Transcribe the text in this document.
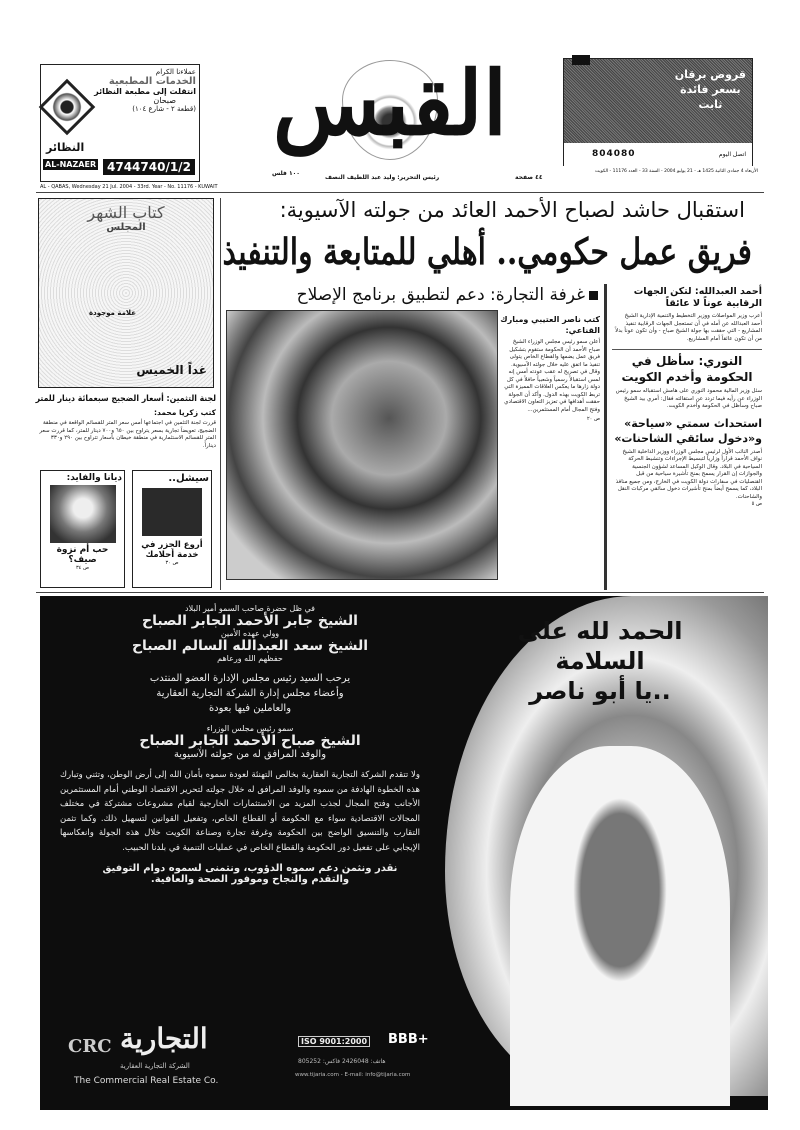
عملاءنا الكرام
الخدمات المطبعية
انتقلت إلى مطبعة النظائر
صبحان
(قطعة ٢ - شارع ١٠٤)
النظائر
AL-NAZAER 4744740/1/2
AL - QABAS, Wednesday 21 Jul. 2004 - 33rd. Year - No. 11176 - KUWAIT
القبس
١٠٠ فلس
رئيس التحرير: وليد عبد اللطيف النصف	٤٤ صفحة
قروض برقان
بسعر فائدة
ثابت
804080	اتصل اليوم
الأربعاء 4 جمادى الثانية 1425 هـ - 21 يوليو 2004 - السنة 33 - العدد 11176 - الكويت
استقبال حاشد لصباح الأحمد العائد من جولته الآسيوية:
فريق عمل حكومي.. أهلي للمتابعة والتنفيذ
كتاب الشهر
المجلس
علامة موجودة
غداً الخميس
لجنة التثمين: أسعار الضجيج سبعمائة دينار للمتر
كتب زكريا محمد:
قررت لجنة التثمين في اجتماعها أمس سعر المتر للقسائم الواقعة في منطقة الضجيج، تعويضاً تجارية بسعر يتراوح بين ٦٥٠ و٧٠٠ دينار للمتر، كما قررت سعر المتر للقسائم الاستثمارية في منطقة خيطان بأسعار تتراوح بين ٢٩٠ و٣٣٠ ديناراً.
ديانا والفايد:
حب أم نزوة صيف؟
ص ٣٤
سيشل..
أروع الجزر في خدمة أحلامك
ص ٣٠
غرفة التجارة: دعم لتطبيق برنامج الإصلاح
كتب ناصر العتيبي ومبارك القناعي:
أعلن سمو رئيس مجلس الوزراء الشيخ صباح الأحمد أن الحكومة ستقوم بتشكيل فريق عمل يضمها والقطاع الخاص يتولى تنفيذ ما اتفق عليه خلال جولته الآسيوية. وقال في تصريح له عقب عودته أمس إنه لمس استقبالاً رسمياً وشعبياً حافلاً في كل دولة زارها ما يعكس العلاقات المميزة التي تربط الكويت بهذه الدول. وأكد أن الجولة حققت أهدافها في تعزيز التعاون الاقتصادي وفتح المجال أمام المستثمرين...
ص ٢٠
أحمد العبدالله: لتكن الجهات الرقابية عوناً لا عائقاً
أعرب وزير المواصلات ووزير التخطيط والتنمية الإدارية الشيخ أحمد العبدالله عن أمله في أن تستعجل الجهات الرقابية تنفيذ المشاريع - التي حققت بها جولة الشيخ صباح - وأن تكون عوناً بدلاً من أن تكون عائقاً أمام المشاريع.
النوري: سأظل في الحكومة وأخدم الكويت
سئل وزير المالية محمود النوري على هامش استقباله سمو رئيس الوزراء عن رأيه فيما تردد عن استقالته فقال: أمري بيد الشيخ صباح وسأظل في الحكومة وأخدم الكويت.
استحداث سمتي «سياحة» و«دخول سائقي الشاحنات»
أصدر النائب الأول لرئيس مجلس الوزراء ووزير الداخلية الشيخ نواف الأحمد قراراً وزارياً لتبسيط الإجراءات وتنشيط الحركة السياحية في البلاد. وقال الوكيل المساعد لشؤون الجنسية والجوازات إن القرار يسمح بمنح تأشيرة سياحية من قبل القنصليات في سفارات دولة الكويت في الخارج، ومن جميع منافذ البلاد، كما يسمح أيضاً بمنح تأشيرات دخول سائقي مركبات النقل والشاحنات.
ص ٥
الحمد لله على السلامة
..يا أبو ناصر
في ظل حضرة صاحب السمو أمير البلاد
الشيخ جابر الأحمد الجابر الصباح
وولي عهده الأمين
الشيخ سعد العبدالله السالم الصباح
حفظهم الله ورعاهم
يرحب السيد رئيس مجلس الإدارة العضو المنتدب
وأعضاء مجلس إدارة الشركة التجارية العقارية
والعاملين فيها بعودة
سمو رئيس مجلس الوزراء
الشيخ صباح الأحمد الجابر الصباح
والوفد المرافق له من جولته الآسيوية
ولا تتقدم الشركة التجارية العقارية بخالص التهنئة لعودة سموه بأمان الله إلى أرض الوطن، وتثني وتبارك هذه الخطوة الهادفة من سموه والوفد المرافق له خلال جولته لتحرير الاقتصاد الوطني أمام المستثمرين الأجانب وفتح المجال لجذب المزيد من الاستثمارات الخارجية لقيام مشروعات مشتركة في مختلف المجالات الاقتصادية سواء مع الحكومة أو القطاع الخاص، وتفعيل القوانين لتسهيل ذلك. وكما تثمن التقارب والتنسيق الواضح بين الحكومة وغرفة تجارة وصناعة الكويت خلال هذه الجولة وانعكاسها الإيجابي على تفعيل دور الحكومة والقطاع الخاص في عمليات التنمية في بلدنا الحبيب.
نقدر ونثمن دعم سموه الدؤوب، ونتمنى لسموه دوام التوفيق
والتقدم والنجاح وموفور الصحة والعافية.
CRC التجارية
الشركة التجارية العقارية
The Commercial Real Estate Co.
ISO 9001:2000 BBB+
هاتف: 2426048 فاكس: 805252
www.tijaria.com - E-mail: info@tijaria.com
